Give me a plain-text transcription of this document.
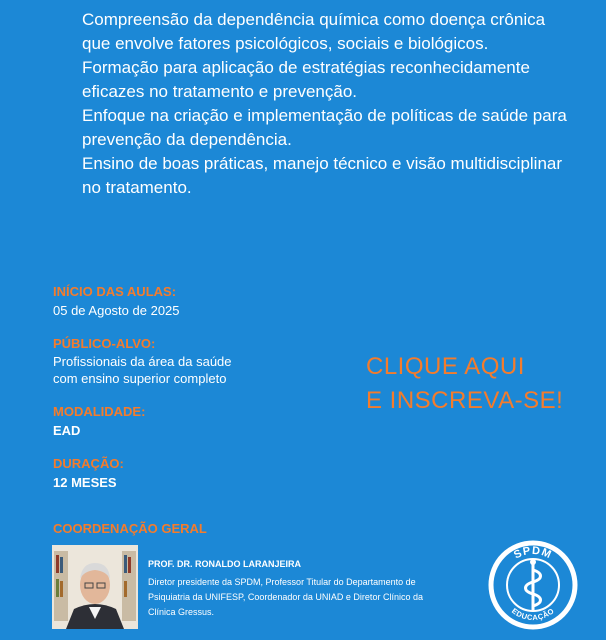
Compreensão da dependência química como doença crônica que envolve fatores psicológicos, sociais e biológicos.
Formação para aplicação de estratégias reconhecidamente eficazes no tratamento e prevenção.
Enfoque na criação e implementação de políticas de saúde para prevenção da dependência.
Ensino de boas práticas, manejo técnico e visão multidisciplinar no tratamento.

INÍCIO DAS AULAS:

05 de Agosto de 2025

PÚBLICO-ALVO:

Profissionais da área da saúde

com ensino superior completo

MODALIDADE:

EAD

DURAÇÃO:

12 MESES

CLIQUE AQUI
E INSCREVA-SE!

COORDENAÇÃO GERAL

PROF. DR. RONALDO LARANJEIRA
Diretor presidente da SPDM, Professor Titular do Departamento de Psiquiatria da UNIFESP, Coordenador da UNIAD e Diretor Clínico da Clínica Gressus.
SPDM
EDUCAÇÃO
